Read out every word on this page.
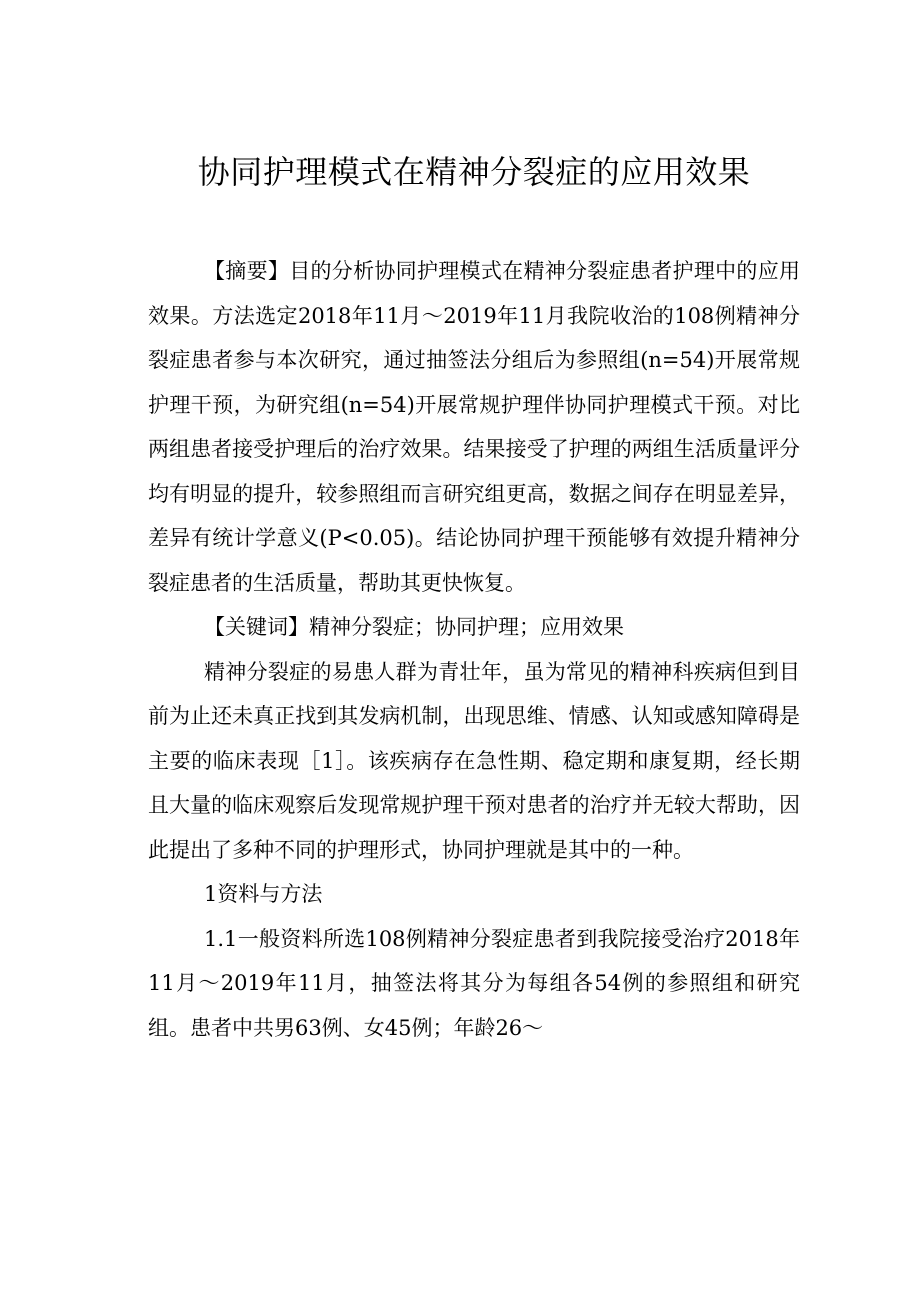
协同护理模式在精神分裂症的应用效果

【摘要】目的分析协同护理模式在精神分裂症患者护理中的应用效果。方法选定2018年11月～2019年11月我院收治的108例精神分裂症患者参与本次研究，通过抽签法分组后为参照组(n=54)开展常规护理干预，为研究组(n=54)开展常规护理伴协同护理模式干预。对比两组患者接受护理后的治疗效果。结果接受了护理的两组生活质量评分均有明显的提升，较参照组而言研究组更高，数据之间存在明显差异，差异有统计学意义(P<0.05)。结论协同护理干预能够有效提升精神分裂症患者的生活质量，帮助其更快恢复。

【关键词】精神分裂症；协同护理；应用效果

精神分裂症的易患人群为青壮年，虽为常见的精神科疾病但到目前为止还未真正找到其发病机制，出现思维、情感、认知或感知障碍是主要的临床表现［1］。该疾病存在急性期、稳定期和康复期，经长期且大量的临床观察后发现常规护理干预对患者的治疗并无较大帮助，因此提出了多种不同的护理形式，协同护理就是其中的一种。

1资料与方法

1.1一般资料所选108例精神分裂症患者到我院接受治疗2018年11月～2019年11月，抽签法将其分为每组各54例的参照组和研究组。患者中共男63例、女45例；年龄26～
